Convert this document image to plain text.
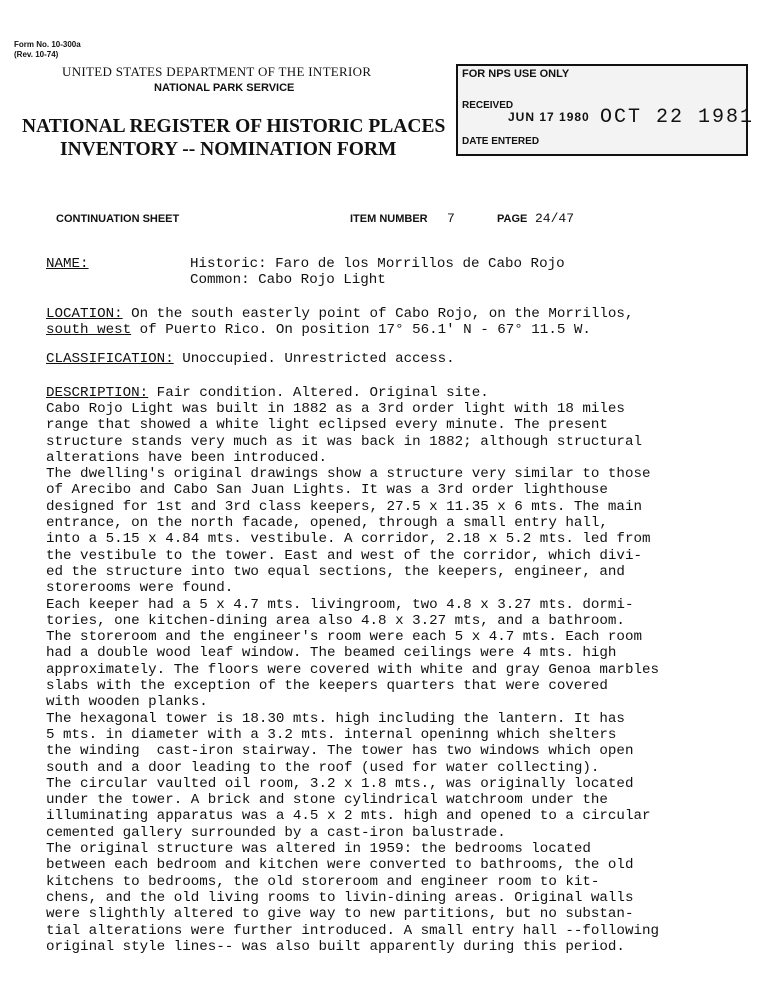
Form No. 10-300a
(Rev. 10-74)
UNITED STATES DEPARTMENT OF THE INTERIOR
NATIONAL PARK SERVICE
NATIONAL REGISTER OF HISTORIC PLACES
INVENTORY -- NOMINATION FORM
FOR NPS USE ONLY
RECEIVED
JUN 17 1980 OCT 22 1981
DATE ENTERED
CONTINUATION SHEET	ITEM NUMBER 7	PAGE 24/47
NAME:	Historic: Faro de los Morrillos de Cabo Rojo
Common: Cabo Rojo Light
LOCATION: On the south easterly point of Cabo Rojo, on the Morrillos,
south west of Puerto Rico. On position 17° 56.1' N - 67° 11.5 W.
CLASSIFICATION: Unoccupied. Unrestricted access.
DESCRIPTION: Fair condition. Altered. Original site.
Cabo Rojo Light was built in 1882 as a 3rd order light with 18 miles
range that showed a white light eclipsed every minute. The present
structure stands very much as it was back in 1882; although structural
alterations have been introduced.
The dwelling's original drawings show a structure very similar to those
of Arecibo and Cabo San Juan Lights. It was a 3rd order lighthouse
designed for 1st and 3rd class keepers, 27.5 x 11.35 x 6 mts. The main
entrance, on the north facade, opened, through a small entry hall,
into a 5.15 x 4.84 mts. vestibule. A corridor, 2.18 x 5.2 mts. led from
the vestibule to the tower. East and west of the corridor, which divi-
ed the structure into two equal sections, the keepers, engineer, and
storerooms were found.
Each keeper had a 5 x 4.7 mts. livingroom, two 4.8 x 3.27 mts. dormi-
tories, one kitchen-dining area also 4.8 x 3.27 mts, and a bathroom.
The storeroom and the engineer's room were each 5 x 4.7 mts. Each room
had a double wood leaf window. The beamed ceilings were 4 mts. high
approximately. The floors were covered with white and gray Genoa marbles
slabs with the exception of the keepers quarters that were covered
with wooden planks.
The hexagonal tower is 18.30 mts. high including the lantern. It has
5 mts. in diameter with a 3.2 mts. internal openinng which shelters
the winding  cast-iron stairway. The tower has two windows which open
south and a door leading to the roof (used for water collecting).
The circular vaulted oil room, 3.2 x 1.8 mts., was originally located
under the tower. A brick and stone cylindrical watchroom under the
illuminating apparatus was a 4.5 x 2 mts. high and opened to a circular
cemented gallery surrounded by a cast-iron balustrade.
The original structure was altered in 1959: the bedrooms located
between each bedroom and kitchen were converted to bathrooms, the old
kitchens to bedrooms, the old storeroom and engineer room to kit-
chens, and the old living rooms to livin-dining areas. Original walls
were slighthly altered to give way to new partitions, but no substan-
tial alterations were further introduced. A small entry hall --following
original style lines-- was also built apparently during this period.
